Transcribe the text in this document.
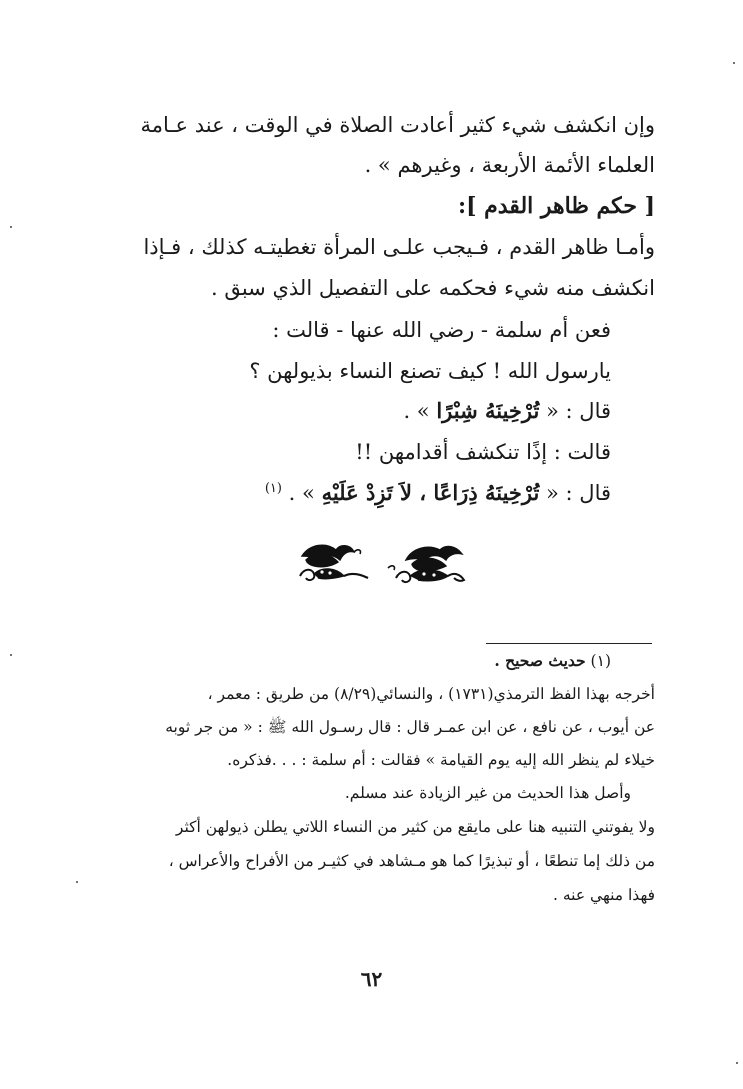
وإن انكشف شيء كثير أعادت الصلاة في الوقت ، عند عـامة
العلماء الأئمة الأربعة ، وغيرهم » .
[ حكم ظاهر القدم ]:
وأمـا ظاهر القدم ، فـيجب علـى المرأة تغطيتـه كذلك ، فـإذا
انكشف منه شيء فحكمه على التفصيل الذي سبق .
فعن أم سلمة - رضي الله عنها - قالت :
يارسول الله ! كيف تصنع النساء بذيولهن ؟
قال : « تُرْخِينَهُ شِبْرًا » .
قالت : إذًا تنكشف أقدامهن !!
قال : « تُرْخِينَهُ ذِرَاعًا ، لاَ تَزِدْ عَلَيْهِ » . $^{(١)}$
(١) حديث صحيح .
أخرجه بهذا الفظ الترمذي(١٧٣١) ، والنسائي(٨/٢٩) من طريق : معمر ،
عن أيوب ، عن نافع ، عن ابن عمـر قال : قال رسـول الله ﷺ : « من جر ثوبه
خيلاء لم ينظر الله إليه يوم القيامة » فقالت : أم سلمة : . . .فذكره.
وأصل هذا الحديث من غير الزيادة عند مسلم.
ولا يفوتني التنبيه هنا على مايقع من كثير من النساء اللاتي يطلن ذيولهن أكثر
من ذلك إما تنطعًا ، أو تبذيرًا كما هو مـشاهد في كثيـر من الأفراح والأعراس ،
فهذا منهي عنه .
٦٢
